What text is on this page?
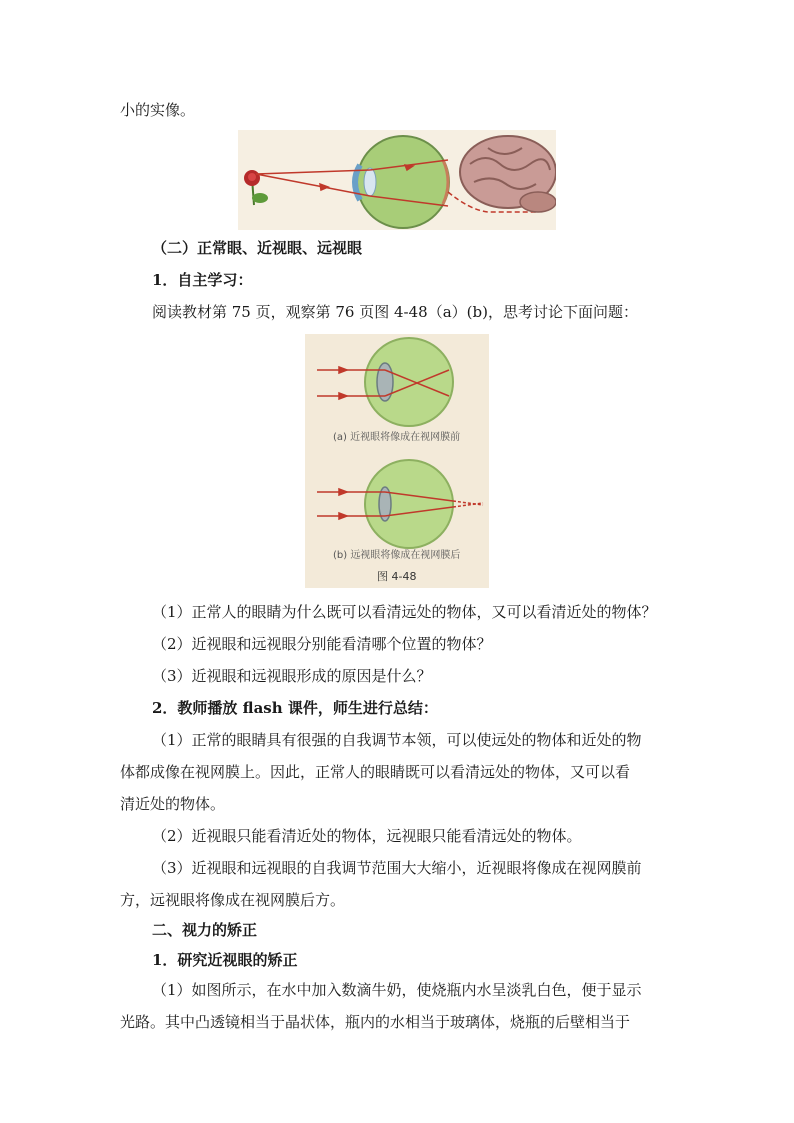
小的实像。
（二）正常眼、近视眼、远视眼
1．自主学习：
阅读教材第 75 页，观察第 76 页图 4-48（a）(b)，思考讨论下面问题：
(a) 近视眼将像成在视网膜前
(b) 远视眼将像成在视网膜后
图 4-48
（1）正常人的眼睛为什么既可以看清远处的物体，又可以看清近处的物体？
（2）近视眼和远视眼分别能看清哪个位置的物体？
（3）近视眼和远视眼形成的原因是什么？
2．教师播放 flash 课件，师生进行总结：
（1）正常的眼睛具有很强的自我调节本领，可以使远处的物体和近处的物
体都成像在视网膜上。因此，正常人的眼睛既可以看清远处的物体，又可以看
清近处的物体。
（2）近视眼只能看清近处的物体，远视眼只能看清远处的物体。
（3）近视眼和远视眼的自我调节范围大大缩小，近视眼将像成在视网膜前
方，远视眼将像成在视网膜后方。
二、视力的矫正
1．研究近视眼的矫正
（1）如图所示，在水中加入数滴牛奶，使烧瓶内水呈淡乳白色，便于显示
光路。其中凸透镜相当于晶状体，瓶内的水相当于玻璃体，烧瓶的后壁相当于
